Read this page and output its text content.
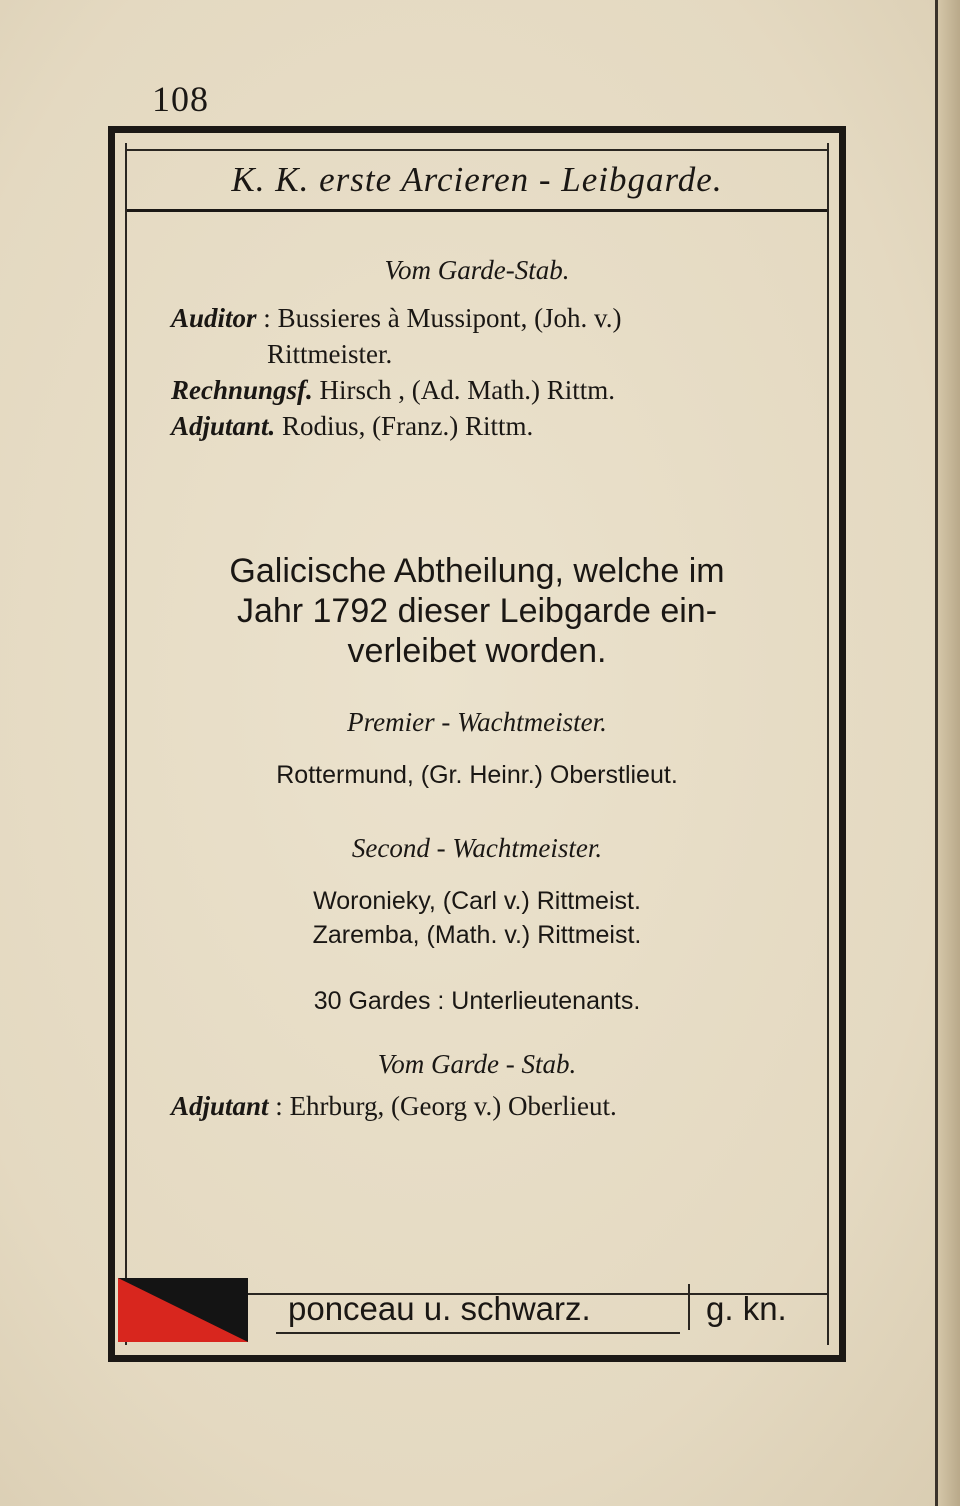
108
K. K. erste Arcieren - Leibgarde.
Vom Garde-Stab.
Auditor : Bussieres à Mussipont, (Joh. v.)
Rittmeister.
Rechnungsf. Hirsch , (Ad. Math.) Rittm.
Adjutant. Rodius, (Franz.) Rittm.
Galicische Abtheilung, welche im
Jahr 1792 dieser Leibgarde ein-
verleibet worden.
Premier - Wachtmeister.
Rottermund, (Gr. Heinr.) Oberstlieut.
Second - Wachtmeister.
Woronieky, (Carl v.) Rittmeist.
Zaremba, (Math. v.) Rittmeist.
30 Gardes : Unterlieutenants.
Vom Garde - Stab.
Adjutant : Ehrburg, (Georg v.) Oberlieut.
ponceau u. schwarz.	g. kn.
